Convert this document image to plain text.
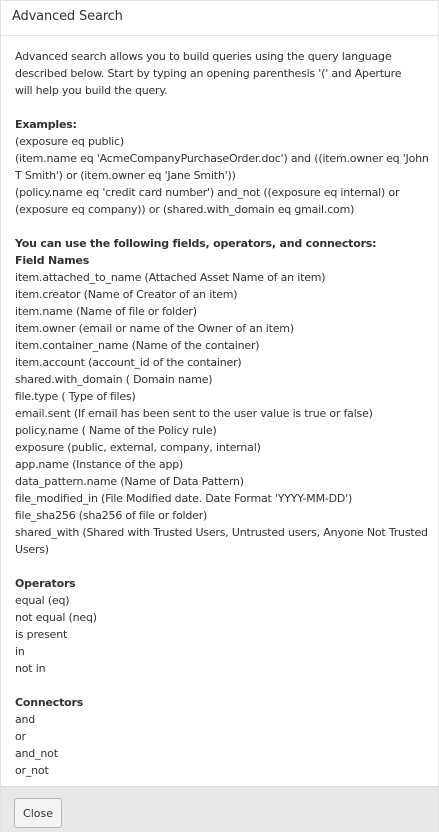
Advanced Search

Advanced search allows you to build queries using the query language described below. Start by typing an opening parenthesis '(' and Aperture will help you build the query.

Examples:

(exposure eq public)

(item.name eq 'AcmeCompanyPurchaseOrder.doc') and ((item.owner eq 'John T Smith') or (item.owner eq 'Jane Smith'))

(policy.name eq 'credit card number') and_not ((exposure eq internal) or (exposure eq company)) or (shared.with_domain eq gmail.com)

You can use the following fields, operators, and connectors:

Field Names

item.attached_to_name (Attached Asset Name of an item)

item.creator (Name of Creator of an item)

item.name (Name of file or folder)

item.owner (email or name of the Owner of an item)

item.container_name (Name of the container)

item.account (account_id of the container)

shared.with_domain ( Domain name)

file.type ( Type of files)

email.sent (If email has been sent to the user value is true or false)

policy.name ( Name of the Policy rule)

exposure (public, external, company, internal)

app.name (Instance of the app)

data_pattern.name (Name of Data Pattern)

file_modified_in (File Modified date. Date Format 'YYYY-MM-DD')

file_sha256 (sha256 of file or folder)

shared_with (Shared with Trusted Users, Untrusted users, Anyone Not Trusted Users)

Operators

equal (eq)

not equal (neq)

is present

in

not in

Connectors

and

or

and_not

or_not

Close
